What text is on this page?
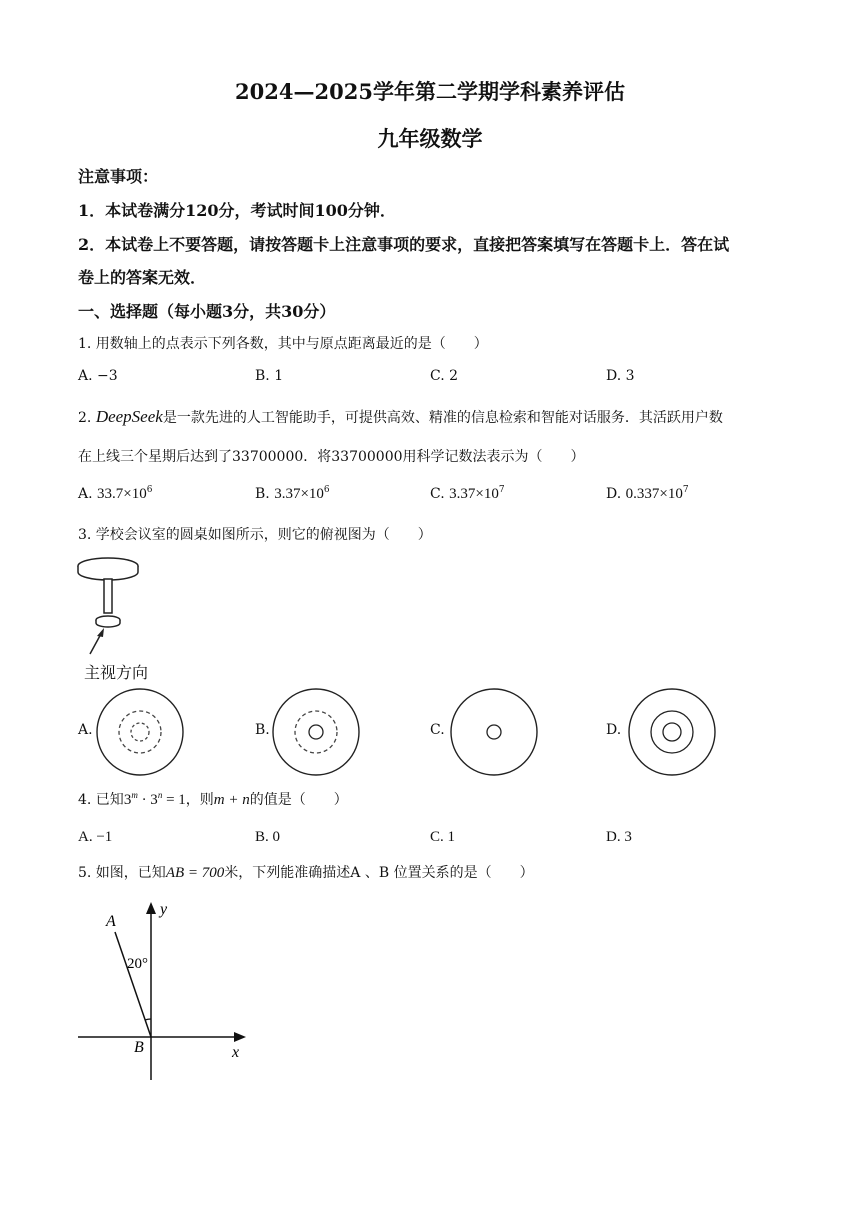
2024—2025学年第二学期学科素养评估
九年级数学
注意事项：
1．本试卷满分120分，考试时间100分钟．
2．本试卷上不要答题，请按答题卡上注意事项的要求，直接把答案填写在答题卡上．答在试
卷上的答案无效．
一、选择题（每小题3分，共30分）
1. 用数轴上的点表示下列各数，其中与原点距离最近的是（　　）
A. −3	B. 1	C. 2	D. 3
2. DeepSeek是一款先进的人工智能助手，可提供高效、精准的信息检索和智能对话服务．其活跃用户数
在上线三个星期后达到了33700000．将33700000用科学记数法表示为（　　）
A. $33.7\times 10^6$	B. $3.37\times 10^6$	C. $3.37\times 10^7$	D. $0.337\times 10^7$
3. 学校会议室的圆桌如图所示，则它的俯视图为（　　）
主视方向
A.	B.	C.	D.
4. 已知$3^m \cdot 3^n = 1$，则m + n的值是（　　）
A. −1	B. 0	C. 1	D. 3
5. 如图，已知AB = 700米，下列能准确描述A 、B 位置关系的是（　　）
A
B	x
y
20°
